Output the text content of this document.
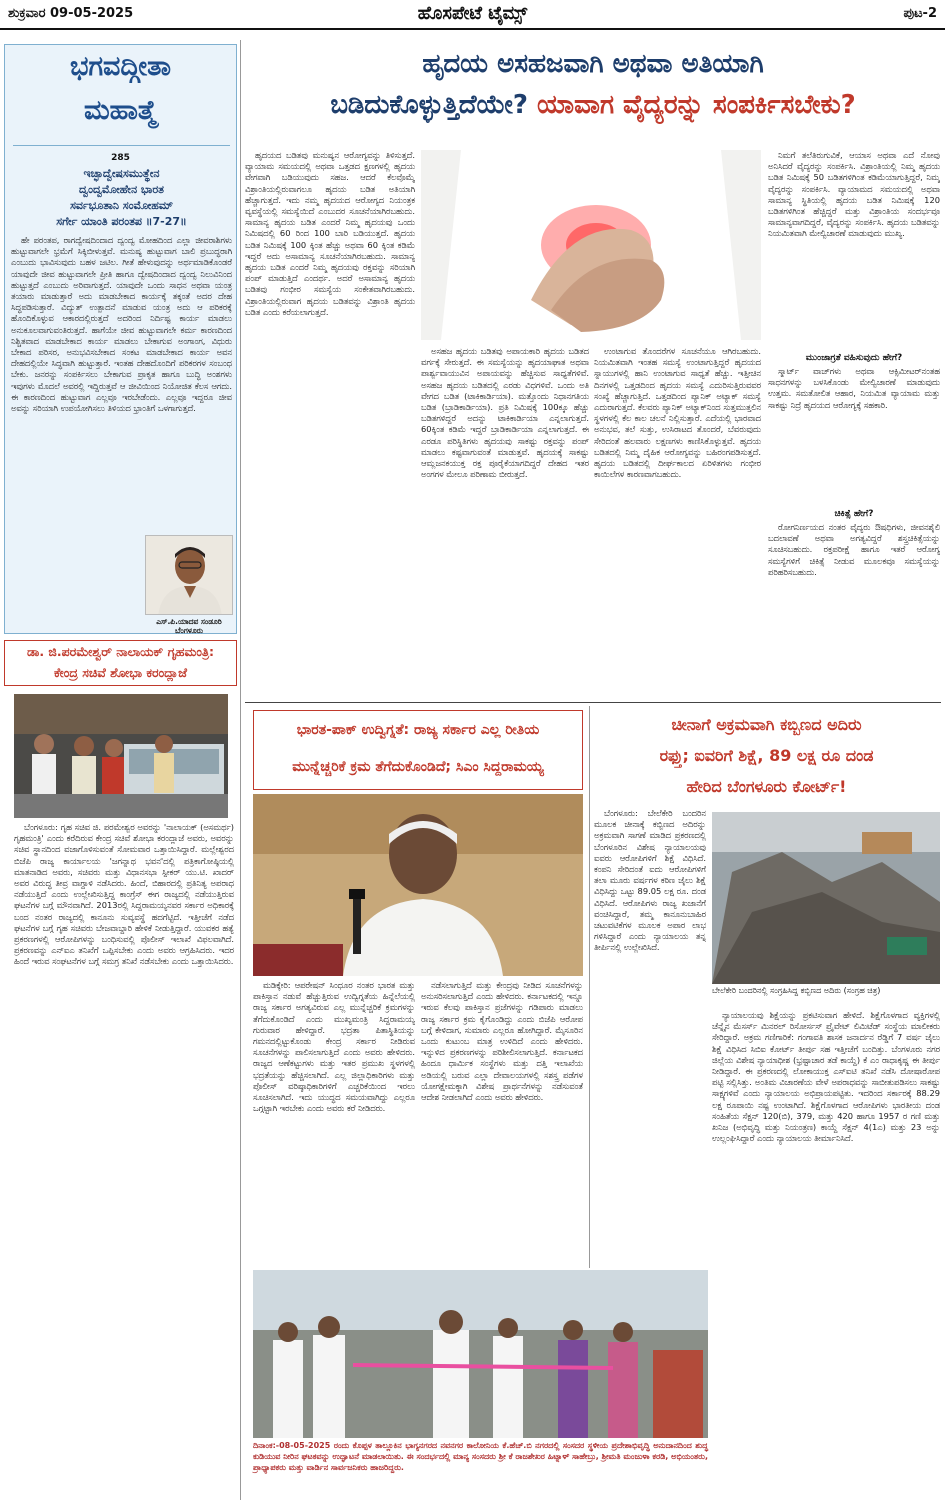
ಶುಕ್ರವಾರ 09-05-2025	ಹೊಸಪೇಟೆ ಟೈಮ್ಸ್	ಪುಟ-2
ಭಗವದ್ಗೀತಾ
ಮಹಾತ್ಮೆ
285
ಇಚ್ಛಾದ್ವೇಷಸಮುತ್ಥೇನ
ದ್ವಂದ್ವಮೋಹೇನ ಭಾರತ
ಸರ್ವಭೂತಾನಿ ಸಂಮೋಹಮ್
ಸರ್ಗೇ ಯಾಂತಿ ಪರಂತಪ ॥7-27॥

ಹೇ ಪರಂತಪ, ರಾಗದ್ವೇಷದಿಂದಾದ ದ್ವಂದ್ವ ಮೋಹದಿಂದ ಎಲ್ಲಾ ಜೀವರಾಶಿಗಳು ಹುಟ್ಟುವಾಗಲೇ ಭ್ರಮೆಗೆ ಸಿಕ್ಕಿಬೀಳುತ್ತವೆ. ಮನುಷ್ಯ ಹುಟ್ಟುವಾಗ ಬಾಲಿ ಪ್ರಬುದ್ಧರಾಗಿ ಎಂಬುದು ಭಾವಿಸುವುದು ಬಹಳ ಜಟಿಲ. ಗೀತೆ ಹೇಳುವುದನ್ನು ಅರ್ಥಮಾಡಿಕೊಂಡರೆ ಯಾವುದೇ ಜೀವ ಹುಟ್ಟುವಾಗಲೇ ಪ್ರೀತಿ ಹಾಗೂ ದ್ವೇಷದಿಂದಾದ ದ್ವಂದ್ವ ನಿಲುವಿನಿಂದ ಹುಟ್ಟುತ್ತದೆ ಎಂಬುದು ಅರಿವಾಗುತ್ತದೆ. ಯಾವುದೇ ಒಂದು ಸಾಧನ ಅಥವಾ ಯಂತ್ರ ತಯಾರು ಮಾಡುತ್ತಾರೆ ಅದು ಮಾಡಬೇಕಾದ ಕಾರ್ಯಕ್ಕೆ ತಕ್ಕಂತೆ ಅದರ ದೇಹ ಸಿದ್ಧಪಡಿಸುತ್ತಾರೆ. ವಿದ್ಯುತ್ ಉತ್ಪಾದನೆ ಮಾಡುವ ಯಂತ್ರ ಅದು ಆ ಪರಿಕರಕ್ಕೆ ಹೊಂದಿಕೊಳ್ಳುವ ಆಕಾರದಲ್ಲಿರುತ್ತದೆ ಅದರಿಂದ ನಿರ್ದಿಷ್ಟ ಕಾರ್ಯ ಮಾಡಲು ಅನುಕೂಲವಾಗುವಂತಿರುತ್ತದೆ. ಹಾಗೆಯೇ ಜೀವ ಹುಟ್ಟುವಾಗಲೇ ಕರ್ಮ ಕಾರಣದಿಂದ ನಿಶ್ಚಿತವಾದ ಮಾಡಬೇಕಾದ ಕಾರ್ಯ ಮಾಡಲು ಬೇಕಾಗುವ ಅಂಗಾಂಗ, ವಿಧುರು ಬೇಕಾದ ಪರಿಸರ, ಅನುಭವಿಸಬೇಕಾದ ಸಂಕಟ ಮಾಡಬೇಕಾದ ಕಾರ್ಯ ಅವನ ದೇಹದಲ್ಲಿಯೇ ಸಿದ್ಧವಾಗಿ ಹುಟ್ಟುತ್ತಾರೆ. ಇಂತಹ ದೇಹದೊಂದಿಗೆ ಪರಿಕರಗಳ ಸಂಬಂಧ ಬೇಕು. ಜನರನ್ನು ಸಂಪರ್ಕಿಸಲು ಬೇಕಾಗುವ ಪ್ರಾಕೃತ ಹಾಗೂ ಬುದ್ಧಿ ಅಂಶಗಳು ಇವುಗಳು ಮೊದಲೆ ಅವರಲ್ಲಿ ಇದ್ದಿರುತ್ತವೆ ಆ ಜೀವಿಯಿಂದ ನಿಯೋಜಿತ ಕೆಲಸ ಆಗದು. ಈ ಕಾರಣದಿಂದ ಹುಟ್ಟುವಾಗ ಎಲ್ಲವೂ ಇರಬೇಡೆಂದು. ಎಲ್ಲವೂ ಇದ್ದರೂ ಜೀವ ಅವನ್ನು ಸರಿಯಾಗಿ ಉಪಯೋಗಿಸಲು ತಿಳಿಯದ ಭ್ರಾಂತಿಗೆ ಒಳಗಾಗುತ್ತದೆ.

ಎಸ್.ಪಿ.ಯಾದವ ಸಂಡೂರಿ
ಬೆಂಗಳೂರು
ಹೃದಯ ಅಸಹಜವಾಗಿ ಅಥವಾ ಅತಿಯಾಗಿ
ಬಡಿದುಕೊಳ್ಳುತ್ತಿದೆಯೇ? ಯಾವಾಗ ವೈದ್ಯರನ್ನು ಸಂಪರ್ಕಿಸಬೇಕು?

ಹೃದಯದ ಬಡಿತವು ಮನುಷ್ಯನ ಆರೋಗ್ಯವನ್ನು ತಿಳಿಸುತ್ತದೆ. ವ್ಯಾಯಾಮ ಸಮಯದಲ್ಲಿ ಅಥವಾ ಒತ್ತಡದ ಕ್ಷಣಗಳಲ್ಲಿ ಹೃದಯ ವೇಗವಾಗಿ ಬಡಿಯುವುದು ಸಹಜ. ಆದರೆ ಕೆಲವೊಮ್ಮೆ ವಿಶ್ರಾಂತಿಯಲ್ಲಿರುವಾಗಲೂ ಹೃದಯ ಬಡಿತ ಅತಿಯಾಗಿ ಹೆಚ್ಚಾಗುತ್ತದೆ. ಇದು ನಮ್ಮ ಹೃದಯದ ಆರೋಗ್ಯದ ನಿಯಂತ್ರಕ ವ್ಯವಸ್ಥೆಯಲ್ಲಿ ಸಮಸ್ಯೆಯಿದೆ ಎಂಬುದರ ಸೂಚನೆಯಾಗಿರಬಹುದು. ಸಾಮಾನ್ಯ ಹೃದಯ ಬಡಿತ ಎಂದರೆ ನಿಮ್ಮ ಹೃದಯವು ಒಂದು ನಿಮಿಷದಲ್ಲಿ 60 ರಿಂದ 100 ಬಾರಿ ಬಡಿಯುತ್ತದೆ. ಹೃದಯ ಬಡಿತ ನಿಮಿಷಕ್ಕೆ 100 ಕ್ಕಿಂತ ಹೆಚ್ಚು ಅಥವಾ 60 ಕ್ಕಿಂತ ಕಡಿಮೆ ಇದ್ದರೆ ಅದು ಅಸಾಮಾನ್ಯ ಸೂಚನೆಯಾಗಿರಬಹುದು. ಸಾಮಾನ್ಯ ಹೃದಯ ಬಡಿತ ಎಂದರೆ ನಿಮ್ಮ ಹೃದಯವು ರಕ್ತವನ್ನು ಸರಿಯಾಗಿ ಪಂಪ್ ಮಾಡುತ್ತಿದೆ ಎಂದರ್ಥ. ಅದರೆ ಅಸಾಮಾನ್ಯ ಹೃದಯ ಬಡಿತವು ಗಂಭೀರ ಸಮಸ್ಯೆಯ ಸಂಕೇತವಾಗಿರಬಹುದು. ವಿಶ್ರಾಂತಿಯಲ್ಲಿರುವಾಗ ಹೃದಯ ಬಡಿತವನ್ನು ವಿಶ್ರಾಂತಿ ಹೃದಯ ಬಡಿತ ಎಂದು ಕರೆಯಲಾಗುತ್ತದೆ.

ಅಸಹಜ ಹೃದಯ ಬಡಿತವು ಅಪಾಯಕಾರಿ ಹೃದಯ ಬಡಿತದ ವರ್ಗಕ್ಕೆ ಸೇರುತ್ತದೆ. ಈ ಸಮಸ್ಯೆಯನ್ನು ಹೃದಯಾಘಾತ ಅಥವಾ ಪಾರ್ಶ್ವವಾಯುವಿನ ಅಪಾಯವನ್ನು ಹೆಚ್ಚಿಸುವ ಸಾಧ್ಯತೆಗಳಿವೆ. ಅಸಹಜ ಹೃದಯ ಬಡಿತದಲ್ಲಿ ಎರಡು ವಿಧಗಳಿವೆ. ಒಂದು ಅತಿ ವೇಗದ ಬಡಿತ (ಟಾಕಿಕಾರ್ಡಿಯಾ). ಮತ್ತೊಂದು ನಿಧಾನಗತಿಯ ಬಡಿತ (ಬ್ರಾಡಿಕಾರ್ಡಿಯಾ). ಪ್ರತಿ ನಿಮಿಷಕ್ಕೆ 100ಕ್ಕೂ ಹೆಚ್ಚು ಬಡಿತಗಳಿದ್ದರೆ ಅದನ್ನು ಟಾಕಿಕಾರ್ಡಿಯಾ ಎನ್ನಲಾಗುತ್ತದೆ. 60ಕ್ಕಿಂತ ಕಡಿಮೆ ಇದ್ದರೆ ಬ್ರಾಡಿಕಾರ್ಡಿಯಾ ಎನ್ನಲಾಗುತ್ತದೆ. ಈ ಎರಡೂ ಪರಿಸ್ಥಿತಿಗಳು ಹೃದಯವು ಸಾಕಷ್ಟು ರಕ್ತವನ್ನು ಪಂಪ್ ಮಾಡಲು ಕಷ್ಟವಾಗುವಂತೆ ಮಾಡುತ್ತವೆ. ಹೃದಯಕ್ಕೆ ಸಾಕಷ್ಟು ಆಮ್ಲಜನಕಯುಕ್ತ ರಕ್ತ ಪೂರೈಕೆಯಾಗದಿದ್ದರೆ ದೇಹದ ಇತರ ಅಂಗಗಳ ಮೇಲೂ ಪರಿಣಾಮ ಬೀರುತ್ತದೆ.

ಉಂಟಾಗುವ ತೊಂದರೆಗಳ ಸೂಚನೆಯೂ ಆಗಿರಬಹುದು. ನಿಯಮಿತವಾಗಿ ಇಂತಹ ಸಮಸ್ಯೆ ಉಂಟಾಗುತ್ತಿದ್ದರೆ ಹೃದಯದ ಸ್ನಾಯುಗಳಲ್ಲಿ ಹಾನಿ ಉಂಟಾಗುವ ಸಾಧ್ಯತೆ ಹೆಚ್ಚು. ಇತ್ತೀಚಿನ ದಿನಗಳಲ್ಲಿ ಒತ್ತಡದಿಂದ ಹೃದಯ ಸಮಸ್ಯೆ ಎದುರಿಸುತ್ತಿರುವವರ ಸಂಖ್ಯೆ ಹೆಚ್ಚಾಗುತ್ತಿದೆ. ಒತ್ತಡದಿಂದ ಪ್ಯಾನಿಕ್ ಅಟ್ಯಾಕ್ ಸಮಸ್ಯೆ ಎದುರಾಗುತ್ತದೆ. ಕೆಲವರು ಪ್ಯಾನಿಕ್ ಅಟ್ಯಾಕ್‌ನಿಂದ ಸುತ್ತಮುತ್ತಲಿನ ಸ್ಥಳಗಳಲ್ಲಿ ಕೆಲ ಕಾಲ ಚಲನೆ ನಿಲ್ಲಿಸುತ್ತಾರೆ. ಎದೆಯಲ್ಲಿ ಭಾರವಾದ ಅನುಭವ, ತಲೆ ಸುತ್ತು, ಉಸಿರಾಟದ ತೊಂದರೆ, ಬೆವರುವುದು ಸೇರಿದಂತೆ ಹಲವಾರು ಲಕ್ಷಣಗಳು ಕಾಣಿಸಿಕೊಳ್ಳುತ್ತವೆ. ಹೃದಯ ಬಡಿತದಲ್ಲಿ ನಿಮ್ಮ ದೈಹಿಕ ಆರೋಗ್ಯವನ್ನು ಬಹಿರಂಗಪಡಿಸುತ್ತದೆ. ಹೃದಯ ಬಡಿತದಲ್ಲಿ ದೀರ್ಘಕಾಲದ ಏರಿಳಿತಗಳು ಗಂಭೀರ ಕಾಯಿಲೆಗಳ ಕಾರಣವಾಗಬಹುದು.

ನಿಮಗೆ ತಲೆತಿರುಗುವಿಕೆ, ಆಯಾಸ ಅಥವಾ ಎದೆ ನೋವು ಅನಿಸಿದರೆ ವೈದ್ಯರನ್ನು ಸಂಪರ್ಕಿಸಿ. ವಿಶ್ರಾಂತಿಯಲ್ಲಿ ನಿಮ್ಮ ಹೃದಯ ಬಡಿತ ನಿಮಿಷಕ್ಕೆ 50 ಬಡಿತಗಳಿಗಿಂತ ಕಡಿಮೆಯಾಗುತ್ತಿದ್ದರೆ, ನಿಮ್ಮ ವೈದ್ಯರನ್ನು ಸಂಪರ್ಕಿಸಿ. ವ್ಯಾಯಾಮದ ಸಮಯದಲ್ಲಿ ಅಥವಾ ಸಾಮಾನ್ಯ ಸ್ಥಿತಿಯಲ್ಲಿ ಹೃದಯ ಬಡಿತ ನಿಮಿಷಕ್ಕೆ 120 ಬಡಿತಗಳಿಗಿಂತ ಹೆಚ್ಚಿದ್ದರೆ ಮತ್ತು ವಿಶ್ರಾಂತಿಯ ಸಂದರ್ಭವೂ ಸಾಮಾನ್ಯವಾಗದಿದ್ದರೆ, ವೈದ್ಯರನ್ನು ಸಂಪರ್ಕಿಸಿ. ಹೃದಯ ಬಡಿತವನ್ನು ನಿಯಮಿತವಾಗಿ ಮೇಲ್ವಿಚಾರಣೆ ಮಾಡುವುದು ಮುಖ್ಯ.

ಮುಂಜಾಗ್ರತೆ ವಹಿಸುವುದು ಹೇಗೆ?

ಸ್ಮಾರ್ಟ್ ವಾಚ್‌ಗಳು ಅಥವಾ ಆಕ್ಸಿಮೀಟರ್‌ನಂತಹ ಸಾಧನಗಳನ್ನು ಬಳಸಿಕೊಂಡು ಮೇಲ್ವಿಚಾರಣೆ ಮಾಡುವುದು ಉತ್ತಮ. ಸಮತೋಲಿತ ಆಹಾರ, ನಿಯಮಿತ ವ್ಯಾಯಾಮ ಮತ್ತು ಸಾಕಷ್ಟು ನಿದ್ರೆ ಹೃದಯದ ಆರೋಗ್ಯಕ್ಕೆ ಸಹಕಾರಿ.

ಚಿಕಿತ್ಸೆ ಹೇಗೆ?

ರೋಗನಿರ್ಣಯದ ನಂತರ ವೈದ್ಯರು ಔಷಧಿಗಳು, ಜೀವನಶೈಲಿ ಬದಲಾವಣೆ ಅಥವಾ ಅಗತ್ಯವಿದ್ದರೆ ಶಸ್ತ್ರಚಿಕಿತ್ಸೆಯನ್ನು ಸೂಚಿಸಬಹುದು. ರಕ್ತಪರೀಕ್ಷೆ ಹಾಗೂ ಇತರೆ ಆರೋಗ್ಯ ಸಮಸ್ಯೆಗಳಿಗೆ ಚಿಕಿತ್ಸೆ ನೀಡುವ ಮೂಲಕವೂ ಸಮಸ್ಯೆಯನ್ನು ಪರಿಹರಿಸಬಹುದು.

ಡಾ. ಜಿ.ಪರಮೇಶ್ವರ್ ನಾಲಾಯಕ್ ಗೃಹಮಂತ್ರಿ:
ಕೇಂದ್ರ ಸಚಿವೆ ಶೋಭಾ ಕರಂದ್ಲಾಜೆ

ಬೆಂಗಳೂರು: ಗೃಹ ಸಚಿವ ಜಿ. ಪರಮೇಶ್ವರ ಅವರನ್ನು 'ನಾಲಾಯಕ್ (ಅಸಮರ್ಥ) ಗೃಹಮಂತ್ರಿ' ಎಂದು ಕರೆದಿರುವ ಕೇಂದ್ರ ಸಚಿವೆ ಶೋಭಾ ಕರಂದ್ಲಾಜೆ ಅವರು, ಅವರನ್ನು ಸಚಿವ ಸ್ಥಾನದಿಂದ ವಜಾಗೊಳಿಸುವಂತೆ ಸೋಮವಾರ ಒತ್ತಾಯಿಸಿದ್ದಾರೆ. ಮಲ್ಲೇಶ್ವರದ ಬಿಜೆಪಿ ರಾಜ್ಯ ಕಾರ್ಯಾಲಯ 'ಜಗನ್ನಾಥ ಭವನ'ದಲ್ಲಿ ಪತ್ರಿಕಾಗೋಷ್ಠಿಯಲ್ಲಿ ಮಾತನಾಡಿದ ಅವರು, ಸಚಿವರು ಮತ್ತು ವಿಧಾನಸಭಾ ಸ್ಪೀಕರ್ ಯು.ಟಿ. ಖಾದರ್ ಅವರ ವಿರುದ್ಧ ತೀವ್ರ ವಾಗ್ದಾಳಿ ನಡೆಸಿದರು. ಹಿಂದೆ, ಬಿಹಾರದಲ್ಲಿ ಪ್ರತಿನಿತ್ಯ ಅಪರಾಧ ನಡೆಯುತ್ತಿದೆ ಎಂದು ಉಲ್ಲೇಖಿಸುತ್ತಿದ್ದ ಕಾಂಗ್ರೆಸ್ ಈಗ ರಾಜ್ಯದಲ್ಲಿ ನಡೆಯುತ್ತಿರುವ ಘಟನೆಗಳ ಬಗ್ಗೆ ಮೌನವಾಗಿದೆ. 2013ರಲ್ಲಿ ಸಿದ್ದರಾಮಯ್ಯನವರ ಸರ್ಕಾರ ಅಧಿಕಾರಕ್ಕೆ ಬಂದ ನಂತರ ರಾಜ್ಯದಲ್ಲಿ ಕಾನೂನು ಸುವ್ಯವಸ್ಥೆ ಹದಗೆಟ್ಟಿದೆ. ಇತ್ತೀಚೆಗೆ ನಡೆದ ಘಟನೆಗಳ ಬಗ್ಗೆ ಗೃಹ ಸಚಿವರು ಬೇಜವಾಬ್ದಾರಿ ಹೇಳಿಕೆ ನೀಡುತ್ತಿದ್ದಾರೆ. ಯುವಕರ ಹತ್ಯೆ ಪ್ರಕರಣಗಳಲ್ಲಿ ಆರೋಪಿಗಳನ್ನು ಬಂಧಿಸುವಲ್ಲಿ ಪೊಲೀಸ್ ಇಲಾಖೆ ವಿಫಲವಾಗಿದೆ. ಪ್ರಕರಣವನ್ನು ಎನ್‌ಐಎ ತನಿಖೆಗೆ ಒಪ್ಪಿಸಬೇಕು ಎಂದು ಅವರು ಆಗ್ರಹಿಸಿದರು. ಇದರ ಹಿಂದೆ ಇರುವ ಸಂಘಟನೆಗಳ ಬಗ್ಗೆ ಸಮಗ್ರ ತನಿಖೆ ನಡೆಸಬೇಕು ಎಂದು ಒತ್ತಾಯಿಸಿದರು.

ಭಾರತ-ಪಾಕ್ ಉದ್ವಿಗ್ನತೆ: ರಾಜ್ಯ ಸರ್ಕಾರ ಎಲ್ಲ ರೀತಿಯ
ಮುನ್ನೆಚ್ಚರಿಕೆ ಕ್ರಮ ತೆಗೆದುಕೊಂಡಿದೆ; ಸಿಎಂ ಸಿದ್ದರಾಮಯ್ಯ

ಮಡಿಕ್ಕೇರಿ: ಆಪರೇಷನ್ ಸಿಂಧೂರ ನಂತರ ಭಾರತ ಮತ್ತು ಪಾಕಿಸ್ತಾನ ನಡುವೆ ಹೆಚ್ಚುತ್ತಿರುವ ಉದ್ವಿಗ್ನತೆಯ ಹಿನ್ನೆಲೆಯಲ್ಲಿ ರಾಜ್ಯ ಸರ್ಕಾರ ಅಗತ್ಯವಿರುವ ಎಲ್ಲ ಮುನ್ನೆಚ್ಚರಿಕೆ ಕ್ರಮಗಳನ್ನು ತೆಗೆದುಕೊಂಡಿದೆ ಎಂದು ಮುಖ್ಯಮಂತ್ರಿ ಸಿದ್ದರಾಮಯ್ಯ ಗುರುವಾರ ಹೇಳಿದ್ದಾರೆ. ಭದ್ರತಾ ಪಿತಾಸ್ಥಿತಿಯನ್ನು ಗಮನದಲ್ಲಿಟ್ಟುಕೊಂಡು ಕೇಂದ್ರ ಸರ್ಕಾರ ನೀಡಿರುವ ಸೂಚನೆಗಳನ್ನು ಪಾಲಿಸಲಾಗುತ್ತಿದೆ ಎಂದು ಅವರು ಹೇಳಿದರು. ರಾಜ್ಯದ ಆಣೆಕಟ್ಟುಗಳು ಮತ್ತು ಇತರ ಪ್ರಮುಖ ಸ್ಥಳಗಳಲ್ಲಿ ಭದ್ರತೆಯನ್ನು ಹೆಚ್ಚಿಸಲಾಗಿದೆ. ಎಲ್ಲ ಜಿಲ್ಲಾಧಿಕಾರಿಗಳು ಮತ್ತು ಪೊಲೀಸ್ ವರಿಷ್ಠಾಧಿಕಾರಿಗಳಿಗೆ ಎಚ್ಚರಿಕೆಯಿಂದ ಇರಲು ಸೂಚಿಸಲಾಗಿದೆ. ಇದು ಯುದ್ಧದ ಸಮಯವಾಗಿದ್ದು ಎಲ್ಲರೂ ಒಗ್ಗಟ್ಟಾಗಿ ಇರಬೇಕು ಎಂದು ಅವರು ಕರೆ ನೀಡಿದರು.

ನಡೆಸಲಾಗುತ್ತಿದೆ ಮತ್ತು ಕೇಂದ್ರವು ನೀಡಿದ ಸೂಚನೆಗಳನ್ನು ಅನುಸರಿಸಲಾಗುತ್ತಿದೆ ಎಂದು ಹೇಳಿದರು. ಕರ್ನಾಟಕದಲ್ಲಿ ಇನ್ನೂ ಇರುವ ಕೆಲವು ಪಾಕಿಸ್ತಾನ ಪ್ರಜೆಗಳನ್ನು ಗಡಿಪಾರು ಮಾಡಲು ರಾಜ್ಯ ಸರ್ಕಾರ ಕ್ರಮ ಕೈಗೊಂಡಿದ್ದು ಎಂದು ಬಿಜೆಪಿ ಆರೋಪ ಬಗ್ಗೆ ಕೇಳಿದಾಗ, ಸುಮಾರು ಎಲ್ಲರೂ ಹೋಗಿದ್ದಾರೆ. ಮೈಸೂರಿನ ಒಂದು ಕುಟುಂಬ ಮಾತ್ರ ಉಳಿದಿದೆ ಎಂದು ಹೇಳಿದರು. ಇನ್ನುಳಿದ ಪ್ರಕರಣಗಳನ್ನು ಪರಿಶೀಲಿಸಲಾಗುತ್ತಿದೆ. ಕರ್ನಾಟಕದ ಹಿಂದೂ ಧಾರ್ಮಿಕ ಸಂಸ್ಥೆಗಳು ಮತ್ತು ದತ್ತಿ ಇಲಾಖೆಯ ಅಡಿಯಲ್ಲಿ ಬರುವ ಎಲ್ಲಾ ದೇವಾಲಯಗಳಲ್ಲಿ ಸಶಸ್ತ್ರ ಪಡೆಗಳ ಯೋಗಕ್ಷೇಮಕ್ಕಾಗಿ ವಿಶೇಷ ಪ್ರಾರ್ಥನೆಗಳನ್ನು ನಡೆಸುವಂತೆ ಆದೇಶ ನೀಡಲಾಗಿದೆ ಎಂದು ಅವರು ಹೇಳಿದರು.

ಚೀನಾಗೆ ಅಕ್ರಮವಾಗಿ ಕಬ್ಬಿಣದ ಅದಿರು
ರಫ್ತು; ಐವರಿಗೆ ಶಿಕ್ಷೆ, 89 ಲಕ್ಷ ರೂ ದಂಡ
ಹೇರಿದ ಬೆಂಗಳೂರು ಕೋರ್ಟ್!

ಬೆಂಗಳೂರು: ಬೇಲೆಕೇರಿ ಬಂದರಿನ ಮೂಲಕ ಚೀನಾಕ್ಕೆ ಕಬ್ಬಿಣದ ಅದಿರನ್ನು ಅಕ್ರಮವಾಗಿ ಸಾಗಣೆ ಮಾಡಿದ ಪ್ರಕರಣದಲ್ಲಿ ಬೆಂಗಳೂರಿನ ವಿಶೇಷ ನ್ಯಾಯಾಲಯವು ಐವರು ಆರೋಪಿಗಳಿಗೆ ಶಿಕ್ಷೆ ವಿಧಿಸಿದೆ. ಕಂಪನಿ ಸೇರಿದಂತೆ ಐದು ಆರೋಪಿಗಳಿಗೆ ತಲಾ ಮೂರು ವರ್ಷಗಳ ಕಠಿಣ ಜೈಲು ಶಿಕ್ಷೆ ವಿಧಿಸಿದ್ದು ಒಟ್ಟು 89.05 ಲಕ್ಷ ರೂ. ದಂಡ ವಿಧಿಸಿದೆ. ಆರೋಪಿಗಳು ರಾಜ್ಯ ಖಜಾನೆಗೆ ವಂಚಿಸಿದ್ದಾರೆ, ತಮ್ಮ ಕಾನೂನುಬಾಹಿರ ಚಟುವಟಿಕೆಗಳ ಮೂಲಕ ಅಪಾರ ಲಾಭ ಗಳಿಸಿದ್ದಾರೆ ಎಂದು ನ್ಯಾಯಾಲಯ ತನ್ನ ತೀರ್ಪಿನಲ್ಲಿ ಉಲ್ಲೇಖಿಸಿದೆ.

ಬೇಲೆಕೇರಿ ಬಂದರಿನಲ್ಲಿ ಸಂಗ್ರಹಿಸಿದ್ದ ಕಬ್ಬಿಣದ ಅದಿರು (ಸಂಗ್ರಹ ಚಿತ್ರ)

ನ್ಯಾಯಾಲಯವು ಶಿಕ್ಷೆಯನ್ನು ಪ್ರಕಟಿಸುವಾಗ ಹೇಳಿದೆ. ಶಿಕ್ಷೆಗೊಳಗಾದ ವ್ಯಕ್ತಿಗಳಲ್ಲಿ ಚೆನ್ನೈನ ಮೆಸರ್ಸ್ ಮಿನರಲ್ ರಿಸೋರ್ಸಸ್ ಪ್ರೈವೇಟ್ ಲಿಮಿಟೆಡ್ ಸಂಸ್ಥೆಯ ಮಾಲೀಕರು ಸೇರಿದ್ದಾರೆ. ಅಕ್ರಮ ಗಣಿಗಾರಿಕೆ: ಗಂಗಾವತಿ ಶಾಸಕ ಜನಾರ್ದನ ರೆಡ್ಡಿಗೆ 7 ವರ್ಷ ಜೈಲು ಶಿಕ್ಷೆ ವಿಧಿಸಿದ ಸಿಬಿಐ ಕೋರ್ಟ್ ತೀರ್ಪು ಸಹ ಇತ್ತೀಚೆಗೆ ಬಂದಿತ್ತು. ಬೆಂಗಳೂರು ನಗರ ಜಿಲ್ಲೆಯ ವಿಶೇಷ ನ್ಯಾಯಾಧೀಶ (ಭ್ರಷ್ಟಾಚಾರ ತಡೆ ಕಾಯ್ದೆ) ಕೆ ಎಂ ರಾಧಾಕೃಷ್ಣ ಈ ತೀರ್ಪು ನೀಡಿದ್ದಾರೆ. ಈ ಪ್ರಕರಣದಲ್ಲಿ ಲೋಕಾಯುಕ್ತ ಎಸ್‌ಐಟಿ ತನಿಖೆ ನಡೆಸಿ ದೋಷಾರೋಪ ಪಟ್ಟಿ ಸಲ್ಲಿಸಿತ್ತು. ಅಂತಿಮ ವಿಚಾರಣೆಯ ವೇಳೆ ಅಪರಾಧವನ್ನು ಸಾಬೀತುಪಡಿಸಲು ಸಾಕಷ್ಟು ಸಾಕ್ಷ್ಯಗಳಿವೆ ಎಂದು ನ್ಯಾಯಾಲಯ ಅಭಿಪ್ರಾಯಪಟ್ಟಿತು. ಇದರಿಂದ ಸರ್ಕಾರಕ್ಕೆ 88.29 ಲಕ್ಷ ರೂಪಾಯಿ ನಷ್ಟ ಉಂಟಾಗಿದೆ. ಶಿಕ್ಷೆಗೊಳಗಾದ ಆರೋಪಿಗಳು ಭಾರತೀಯ ದಂಡ ಸಂಹಿತೆಯ ಸೆಕ್ಷನ್ 120(ಬಿ), 379, ಮತ್ತು 420 ಹಾಗೂ 1957 ರ ಗಣಿ ಮತ್ತು ಖನಿಜ (ಅಭಿವೃದ್ಧಿ ಮತ್ತು ನಿಯಂತ್ರಣ) ಕಾಯ್ದೆ ಸೆಕ್ಷನ್ 4(1ಎ) ಮತ್ತು 23 ಅನ್ನು ಉಲ್ಲಂಘಿಸಿದ್ದಾರೆ ಎಂದು ನ್ಯಾಯಾಲಯ ತೀರ್ಮಾನಿಸಿದೆ.

ದಿನಾಂಕ:-08-05-2025 ರಂದು ಕೊಪ್ಪಳ ತಾಲ್ಲೂಕಿನ ಭಾಗ್ಯನಗರದ ನವನಗರ ಕಾಲೋನಿಯ ಕೆ.ಹೆಚ್.ಬಿ ನಗರದಲ್ಲಿ ಸಂಸದರ ಸ್ಥಳೀಯ ಪ್ರದೇಶಾಭಿವೃದ್ಧಿ ಅನುದಾನದಿಂದ ಶುದ್ಧ ಕುಡಿಯುವ ನೀರಿನ ಘಟಕವನ್ನು ಉದ್ಘಾಟನೆ ಮಾಡಲಾಯಿತು. ಈ ಸಂದರ್ಭದಲ್ಲಿ ಮಾನ್ಯ ಸಂಸದರು ಶ್ರೀ ಕೆ ರಾಜಶೇಖರ ಹಿಟ್ನಾಳ್ ಸಾಹೇಬ್ರು, ಶ್ರೀಮತಿ ಮಂಜುಳಾ ಕರಡಿ, ಅಭಿಯಂತರು, ಪ್ರಾಧ್ಯಾಪಕರು ಮತ್ತು ವಾರ್ಡಿನ ಸಾರ್ವಜನಿಕರು ಹಾಜರಿದ್ದರು.
